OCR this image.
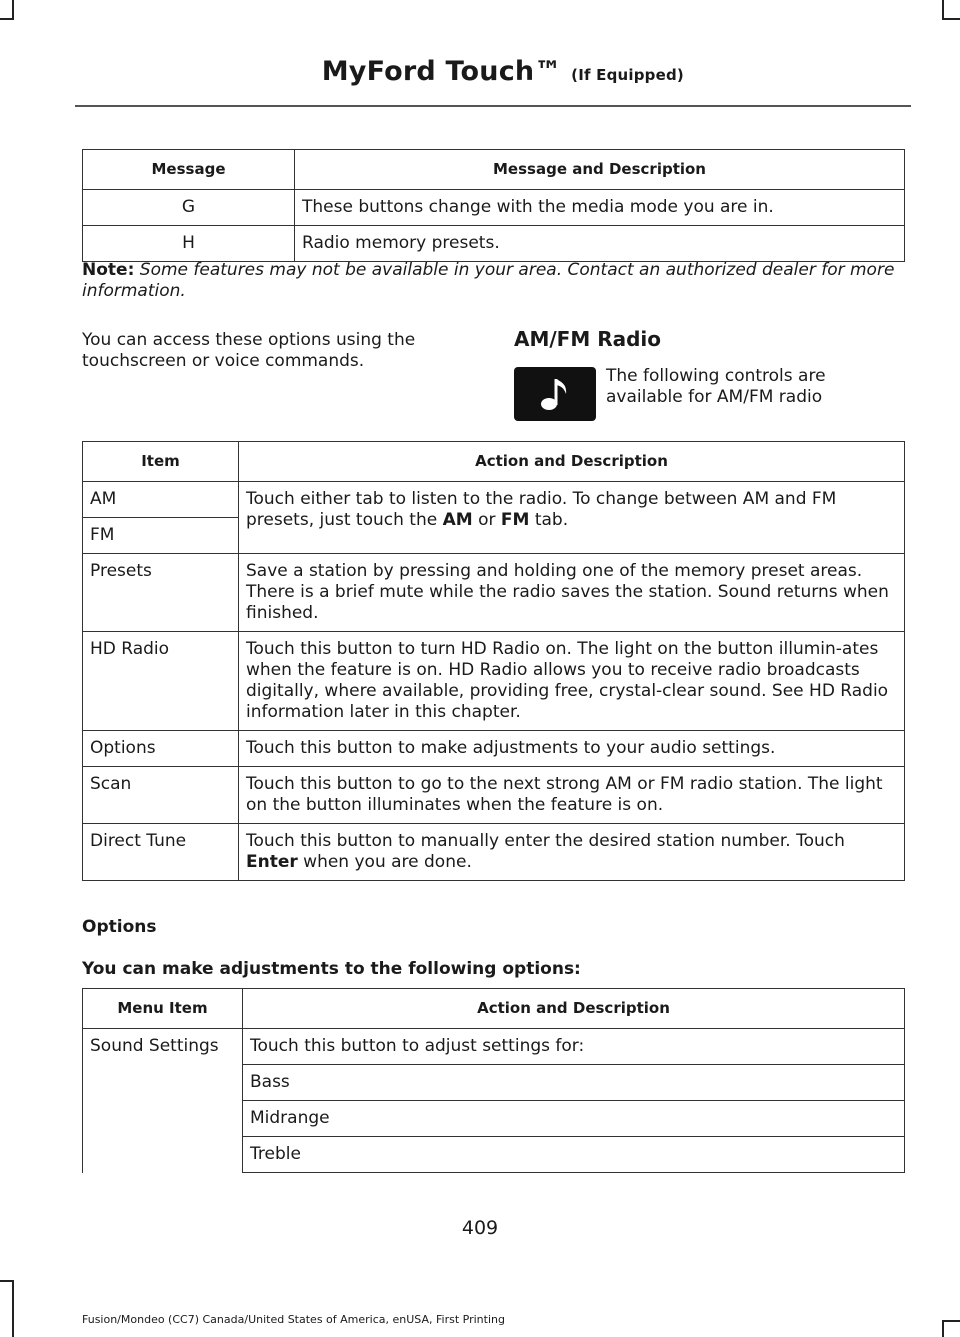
MyFord Touch™ (If Equipped)
Message	Message and Description
G	These buttons change with the media mode you are in.
H	Radio memory presets.
Note: Some features may not be available in your area. Contact an authorized dealer for more information.
You can access these options using the touchscreen or voice commands.
AM/FM Radio
The following controls are available for AM/FM radio
Item	Action and Description
AM	Touch either tab to listen to the radio. To change between AM and FM presets, just touch the AM or FM tab.
FM	
Presets	Save a station by pressing and holding one of the memory preset areas. There is a brief mute while the radio saves the station. Sound returns when finished.
HD Radio	Touch this button to turn HD Radio on. The light on the button illumin-ates when the feature is on. HD Radio allows you to receive radio broadcasts digitally, where available, providing free, crystal-clear sound. See HD Radio information later in this chapter.
Options	Touch this button to make adjustments to your audio settings.
Scan	Touch this button to go to the next strong AM or FM radio station. The light on the button illuminates when the feature is on.
Direct Tune	Touch this button to manually enter the desired station number. Touch Enter when you are done.
Options
You can make adjustments to the following options:
Menu Item	Action and Description
Sound Settings	Touch this button to adjust settings for:
	Bass
	Midrange
	Treble
409
Fusion/Mondeo (CC7) Canada/United States of America, enUSA, First Printing
